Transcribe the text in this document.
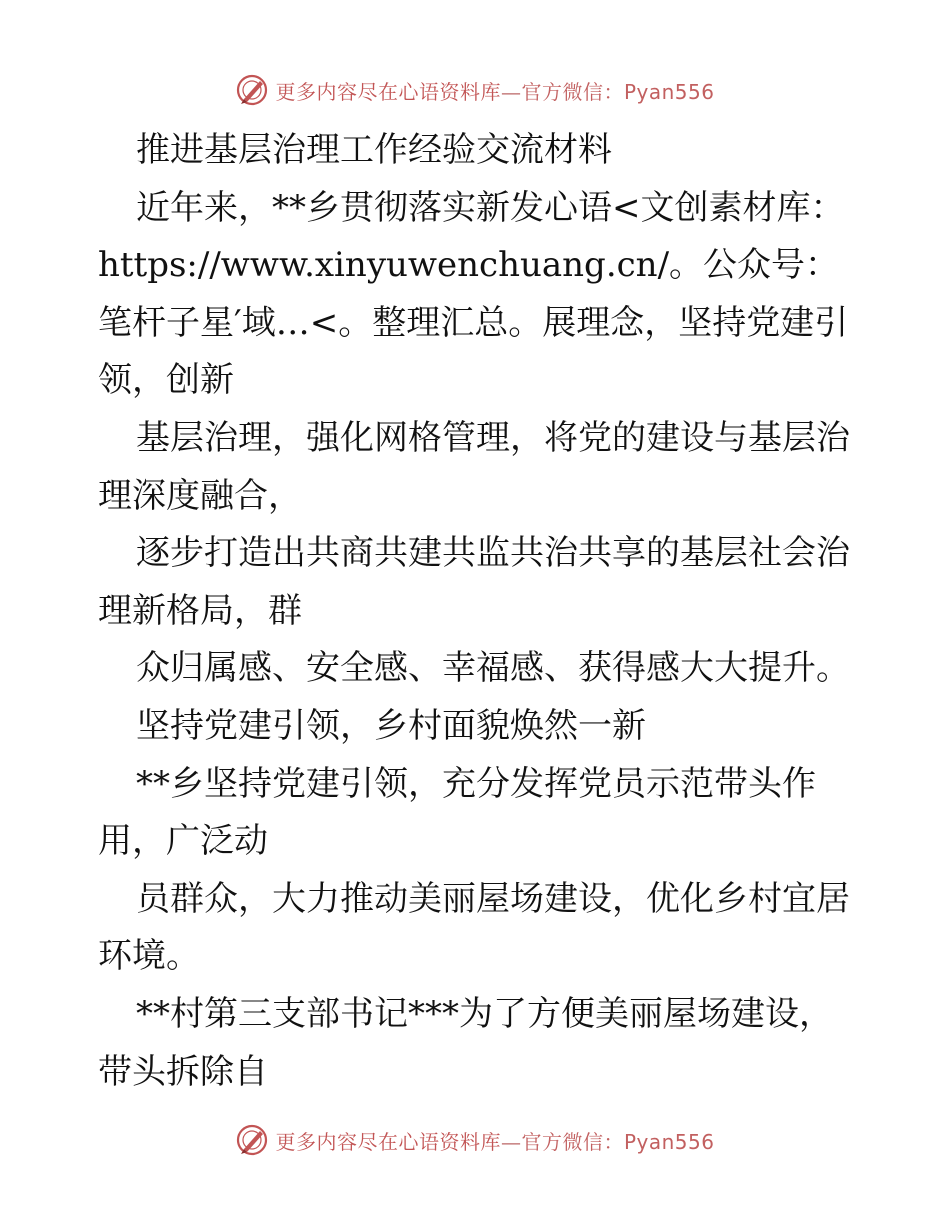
更多内容尽在心语资料库—官方微信：Pyan556

推进基层治理工作经验交流材料

近年来，**乡贯彻落实新发心语<文创素材库：https://www.xinyuwenchuang.cn/。公众号：笔杆子星′域…<。整理汇总。展理念，坚持党建引领，创新

基层治理，强化网格管理，将党的建设与基层治理深度融合，

逐步打造出共商共建共监共治共享的基层社会治理新格局，群

众归属感、安全感、幸福感、获得感大大提升。

坚持党建引领，乡村面貌焕然一新

**乡坚持党建引领，充分发挥党员示范带头作用，广泛动

员群众，大力推动美丽屋场建设，优化乡村宜居环境。

**村第三支部书记***为了方便美丽屋场建设，带头拆除自

更多内容尽在心语资料库—官方微信：Pyan556
